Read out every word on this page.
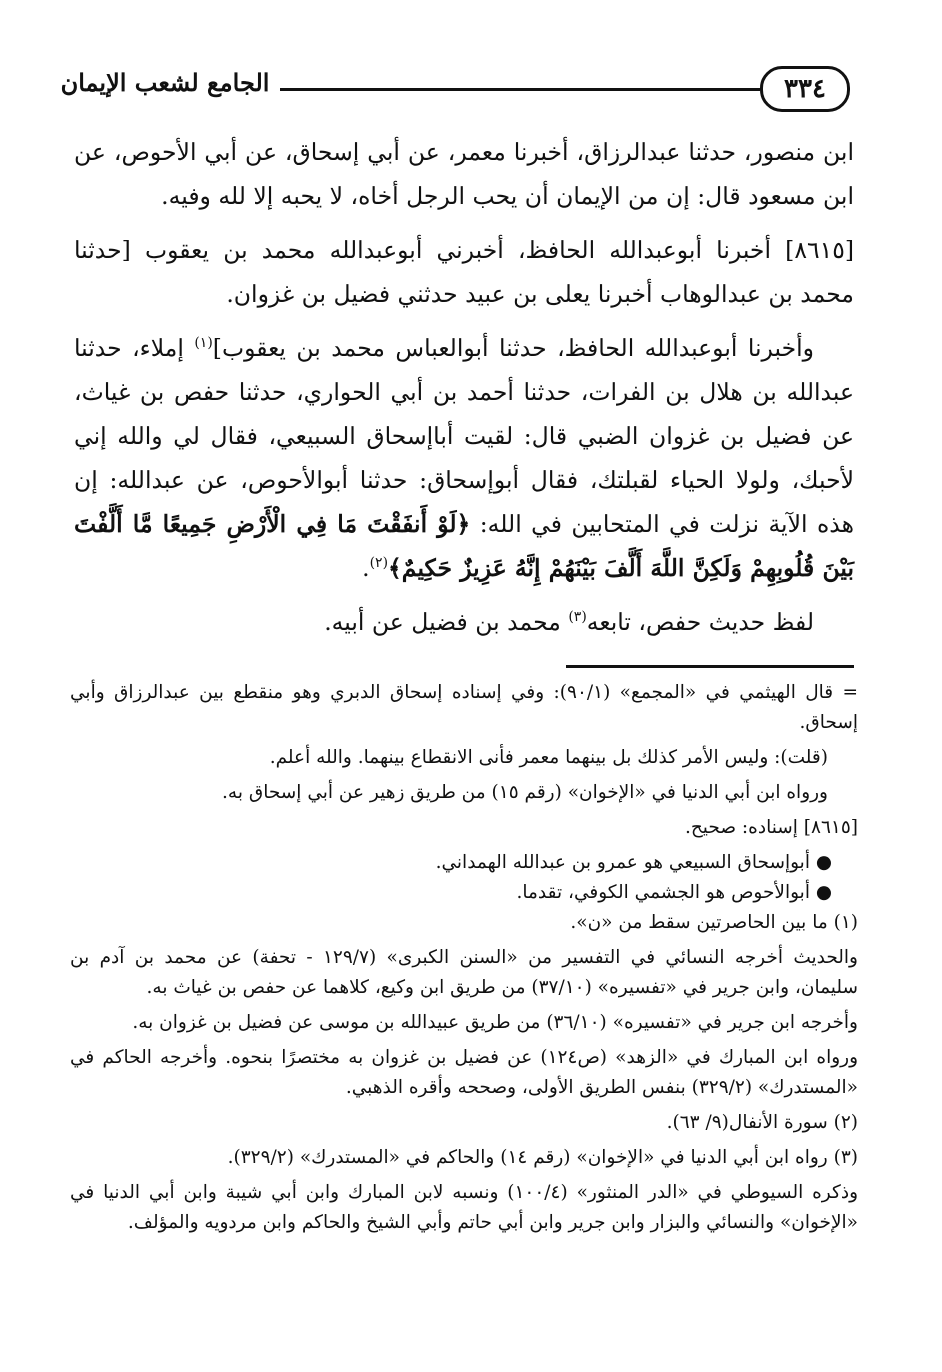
٣٣٤
الجامع لشعب الإيمان

ابن منصور، حدثنا عبدالرزاق، أخبرنا معمر، عن أبي إسحاق، عن أبي الأحوص، عن ابن مسعود قال: إن من الإيمان أن يحب الرجل أخاه، لا يحبه إلا لله وفيه.

[٨٦١٥] أخبرنا أبوعبدالله الحافظ، أخبرني أبوعبدالله محمد بن يعقوب [حدثنا محمد بن عبدالوهاب أخبرنا يعلى بن عبيد حدثني فضيل بن غزوان.

وأخبرنا أبوعبدالله الحافظ، حدثنا أبوالعباس محمد بن يعقوب]$^{(١)}$ إملاء، حدثنا عبدالله بن هلال بن الفرات، حدثنا أحمد بن أبي الحواري، حدثنا حفص بن غياث، عن فضيل بن غزوان الضبي قال: لقيت أباإسحاق السبيعي، فقال لي والله إني لأحبك، ولولا الحياء لقبلتك، فقال أبوإسحاق: حدثنا أبوالأحوص، عن عبدالله: إن هذه الآية نزلت في المتحابين في الله: ﴿لَوْ أَنفَقْتَ مَا فِي الْأَرْضِ جَمِيعًا مَّا أَلَّفْتَ بَيْنَ قُلُوبِهِمْ وَلَكِنَّ اللَّهَ أَلَّفَ بَيْنَهُمْ إِنَّهُ عَزِيزٌ حَكِيمٌ﴾$^{(٢)}$.

لفظ حديث حفص، تابعه$^{(٣)}$ محمد بن فضيل عن أبيه.

= قال الهيثمي في «المجمع» (٩٠/١): وفي إسناده إسحاق الدبري وهو منقطع بين عبدالرزاق وأبي إسحاق.

(قلت): وليس الأمر كذلك بل بينهما معمر فأنى الانقطاع بينهما. والله أعلم.

ورواه ابن أبي الدنيا في «الإخوان» (رقم ١٥) من طريق زهير عن أبي إسحاق به.

[٨٦١٥] إسناده: صحيح.

● أبوإسحاق السبيعي هو عمرو بن عبدالله الهمداني.

● أبوالأحوص هو الجشمي الكوفي، تقدما.

(١) ما بين الحاصرتين سقط من «ن».

والحديث أخرجه النسائي في التفسير من «السنن الكبرى» (١٢٩/٧ - تحفة) عن محمد بن آدم بن سليمان، وابن جرير في «تفسيره» (٣٧/١٠) من طريق ابن وكيع، كلاهما عن حفص بن غياث به.

وأخرجه ابن جرير في «تفسيره» (٣٦/١٠) من طريق عبيدالله بن موسى عن فضيل بن غزوان به.

ورواه ابن المبارك في «الزهد» (ص١٢٤) عن فضيل بن غزوان به مختصرًا بنحوه. وأخرجه الحاكم في «المستدرك» (٣٢٩/٢) بنفس الطريق الأولى، وصححه وأقره الذهبي.

(٢) سورة الأنفال(٩/ ٦٣).

(٣) رواه ابن أبي الدنيا في «الإخوان» (رقم ١٤) والحاكم في «المستدرك» (٣٢٩/٢).

وذكره السيوطي في «الدر المنثور» (١٠٠/٤) ونسبه لابن المبارك وابن أبي شيبة وابن أبي الدنيا في «الإخوان» والنسائي والبزار وابن جرير وابن أبي حاتم وأبي الشيخ والحاكم وابن مردويه والمؤلف.
